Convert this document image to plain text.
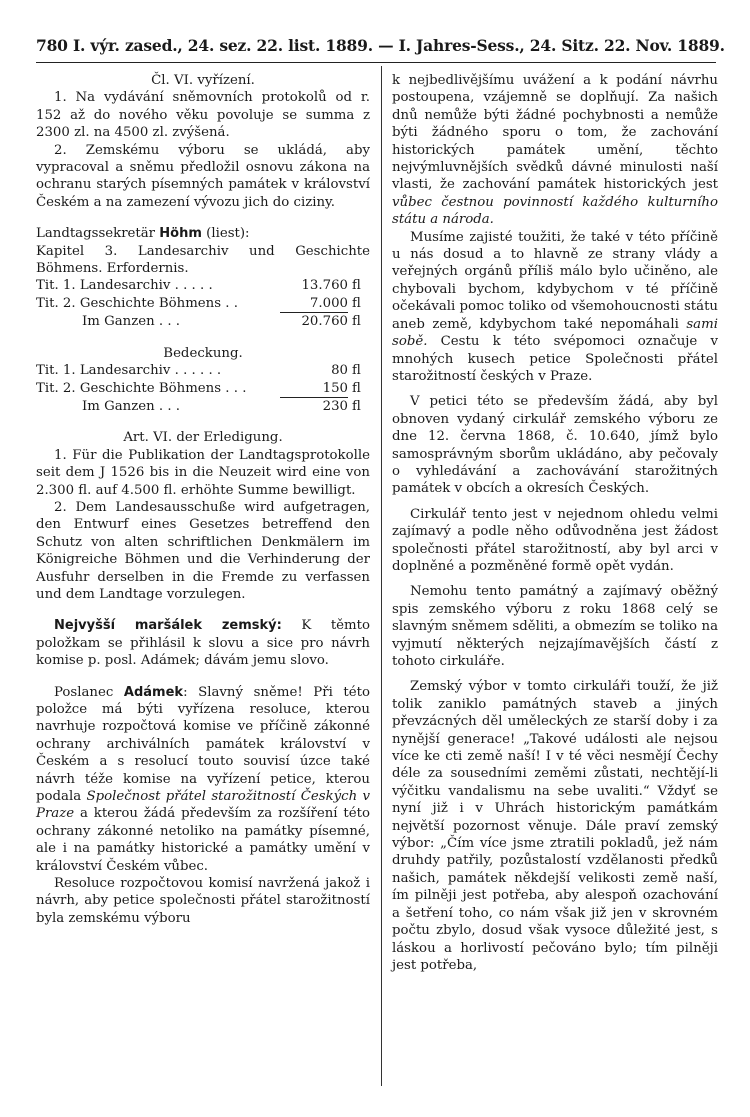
780 I. výr. zased., 24. sez. 22. list. 1889. — I. Jahres-Sess., 24. Sitz. 22. Nov. 1889.

Čl. VI. vyřízení.

1. Na vydávání sněmovních protokolů od r. 152 až do nového věku povoluje se summa z 2300 zl. na 4500 zl. zvýšená.

2. Zemskému výboru se ukládá, aby vypracoval a sněmu předložil osnovu zákona na ochranu starých písemných památek v království Českém a na zamezení vývozu jich do ciziny.

Landtagssekretär Höhm (liest):

Kapitel 3. Landesarchiv und Geschichte Böhmens. Erfordernis.

Tit. 1. Landesarchiv . . . . .	13.760 fl
Tit. 2. Geschichte Böhmens . .	7.000 fl
Im Ganzen . . .	20.760 fl

Bedeckung.

Tit. 1. Landesarchiv . . . . . .	80 fl
Tit. 2. Geschichte Böhmens . . .	150 fl
Im Ganzen . . .	230 fl

Art. VI. der Erledigung.

1. Für die Publikation der Landtagsprotokolle seit dem J 1526 bis in die Neuzeit wird eine von 2.300 fl. auf 4.500 fl. erhöhte Summe bewilligt.

2. Dem Landesausschuße wird aufgetragen, den Entwurf eines Gesetzes betreffend den Schutz von alten schriftlichen Denkmälern im Königreiche Böhmen und die Verhinderung der Ausfuhr derselben in die Fremde zu verfassen und dem Landtage vorzulegen.

Nejvyšší maršálek zemský: K těmto položkam se přihlásil k slovu a sice pro návrh komise p. posl. Adámek; dávám jemu slovo.

Poslanec Adámek: Slavný sněme! Při této položce má býti vyřízena resoluce, kterou navrhuje rozpočtová komise ve příčině zákonné ochrany archiválních památek království v Českém a s resolucí touto souvisí úzce také návrh téže komise na vyřízení petice, kterou podala Společnost přátel starožitností Českých v Praze a kterou žádá především za rozšíření této ochrany zákonné netoliko na památky písemné, ale i na památky historické a památky umění v království Českém vůbec.

Resoluce rozpočtovou komisí navržená jakož i návrh, aby petice společnosti přátel starožitností byla zemskému výboru

k nejbedlivějšímu uvážení a k podání návrhu postoupena, vzájemně se doplňují. Za našich dnů nemůže býti žádné pochybnosti a nemůže býti žádného sporu o tom, že zachování historických památek umění, těchto nejvýmluvnějších svědků dávné minulosti naší vlasti, že zachování památek historických jest vůbec čestnou povinností každého kulturního státu a národa.

Musíme zajisté toužiti, že také v této příčině u nás dosud a to hlavně ze strany vlády a veřejných orgánů příliš málo bylo učiněno, ale chybovali bychom, kdybychom v té příčině očekávali pomoc toliko od všemohoucnosti státu aneb země, kdybychom také nepomáhali sami sobě. Cestu k této svépomoci označuje v mnohých kusech petice Společnosti přátel starožitností českých v Praze.

V petici této se především žádá, aby byl obnoven vydaný cirkulář zemského výboru ze dne 12. června 1868, č. 10.640, jímž bylo samosprávným sborům ukládáno, aby pečovaly o vyhledávání a zachovávání starožitných památek v obcích a okresích Českých.

Cirkulář tento jest v nejednom ohledu velmi zajímavý a podle něho odůvodněna jest žádost společnosti přátel starožitností, aby byl arci v doplněné a pozměněné formě opět vydán.

Nemohu tento památný a zajímavý oběžný spis zemského výboru z roku 1868 celý se slavným sněmem sděliti, a obmezím se toliko na vyjmutí některých nejzajímavějších částí z tohoto cirkuláře.

Zemský výbor v tomto cirkuláři touží, že již tolik zaniklo památných staveb a jiných převzácných děl uměleckých ze starší doby i za nynější generace! „Takové události ale nejsou více ke cti země naší! I v té věci nesmějí Čechy déle za sousedními zeměmi zůstati, nechtějí-li výčitku vandalismu na sebe uvaliti.“ Vždyť se nyní již i v Uhrách historickým památkám největší pozornost věnuje. Dále praví zemský výbor: „Čím více jsme ztratili pokladů, jež nám druhdy patřily, pozůstalostí vzdělanosti předků našich, památek někdejší velikosti země naší, ím pilněji jest potřeba, aby alespoň ozachování a šetření toho, co nám však již jen v skrovném počtu zbylo, dosud však vysoce důležité jest, s láskou a horlivostí pečováno bylo; tím pilněji jest potřeba,
